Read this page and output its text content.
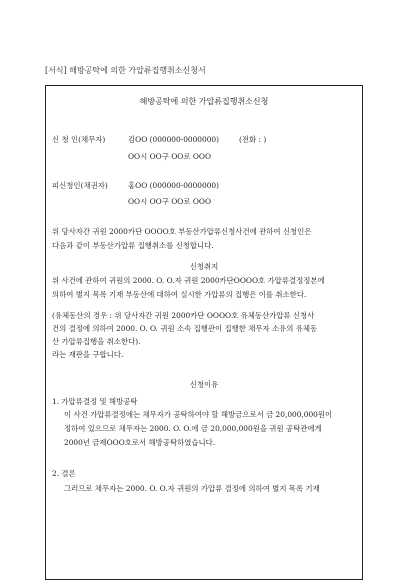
[서식] 해방공탁에 의한 가압류집행취소신청서
해방공탁에 의한 가압류집행취소신청
신 청 인(채무자)	김OO (000000-0000000)	(전화 : )
OO시 OO구 OO로 OOO
피신청인(채권자)	홍OO (000000-0000000)
OO시 OO구 OO로 OOO
위 당사자간 귀원 2000카단 OOOO호 부동산가압류신청사건에 관하여 신청인은
다음과 같이 부동산가압류 집행취소를 신청합니다.
신청취지
위 사건에 관하여 귀원의 2000. O. O.자 귀원 2000카단OOOO호 가압류결정정본에
의하여 별지 목록 기재 부동산에 대하여 실시한 가압류의 집행은 이를 취소한다.
(유체동산의 경우 : 위 당사자간 귀원 2000카단 OOOO호 유체동산가압류 신청사
건의 결정에 의하여 2000. O. O. 귀원 소속 집행관이 집행한 채무자 소유의 유체동
산 가압류집행을 취소한다).
라는 재판을 구합니다.
신청이유
1. 가압류결정 및 해방공탁
이 사건 가압류결정에는 채무자가 공탁하여야 할 해방금으로서 금 20,000,000원이
정하여 있으므로 채무자는 2000. O. O.에 금 20,000,000원을 귀원 공탁관에게
2000년 금제OOO호로서 해방공탁하였습니다.
2. 결론
그러므로 채무자는 2000. O. O.자 귀원의 가압류 결정에 의하여 별지 목록 기재
